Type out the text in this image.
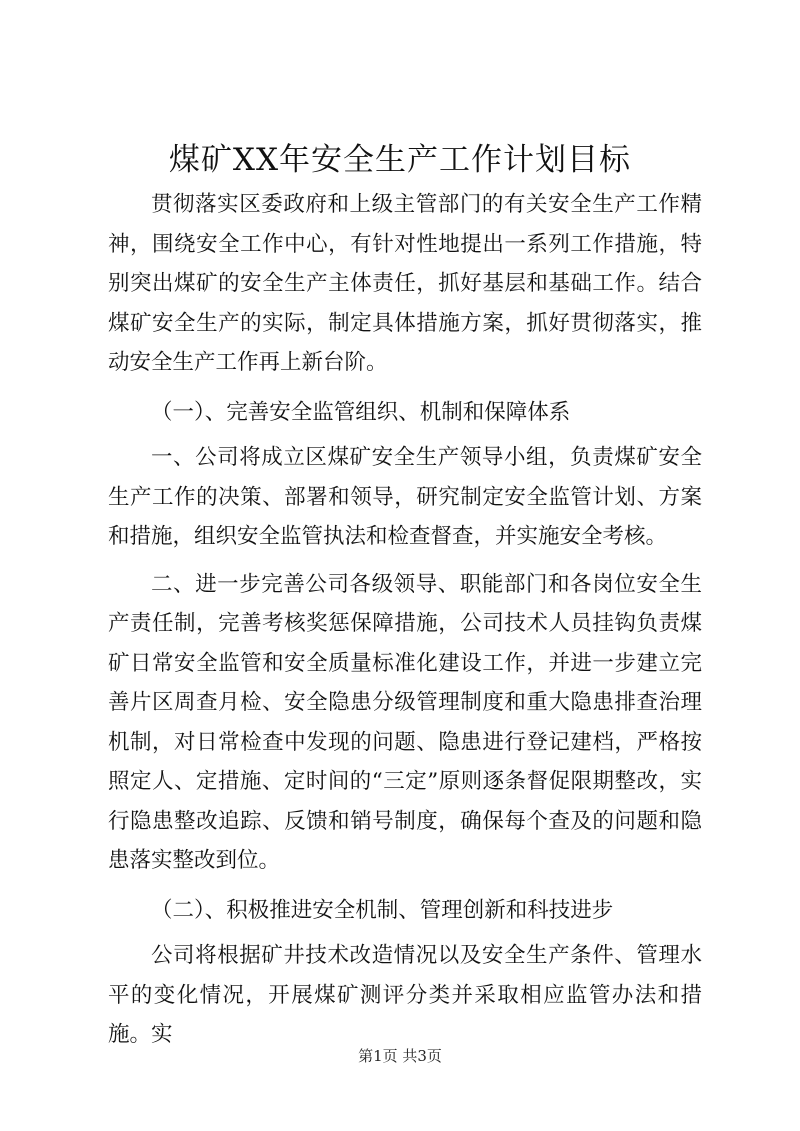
煤矿XX年安全生产工作计划目标

贯彻落实区委政府和上级主管部门的有关安全生产工作精神，围绕安全工作中心，有针对性地提出一系列工作措施，特别突出煤矿的安全生产主体责任，抓好基层和基础工作。结合煤矿安全生产的实际，制定具体措施方案，抓好贯彻落实，推动安全生产工作再上新台阶。

（一）、完善安全监管组织、机制和保障体系

一、公司将成立区煤矿安全生产领导小组，负责煤矿安全生产工作的决策、部署和领导，研究制定安全监管计划、方案和措施，组织安全监管执法和检查督查，并实施安全考核。

二、进一步完善公司各级领导、职能部门和各岗位安全生产责任制，完善考核奖惩保障措施，公司技术人员挂钩负责煤矿日常安全监管和安全质量标准化建设工作，并进一步建立完善片区周查月检、安全隐患分级管理制度和重大隐患排查治理机制，对日常检查中发现的问题、隐患进行登记建档，严格按照定人、定措施、定时间的“三定”原则逐条督促限期整改，实行隐患整改追踪、反馈和销号制度，确保每个查及的问题和隐患落实整改到位。

（二）、积极推进安全机制、管理创新和科技进步

公司将根据矿井技术改造情况以及安全生产条件、管理水平的变化情况，开展煤矿测评分类并采取相应监管办法和措施。实

第1页 共3页
